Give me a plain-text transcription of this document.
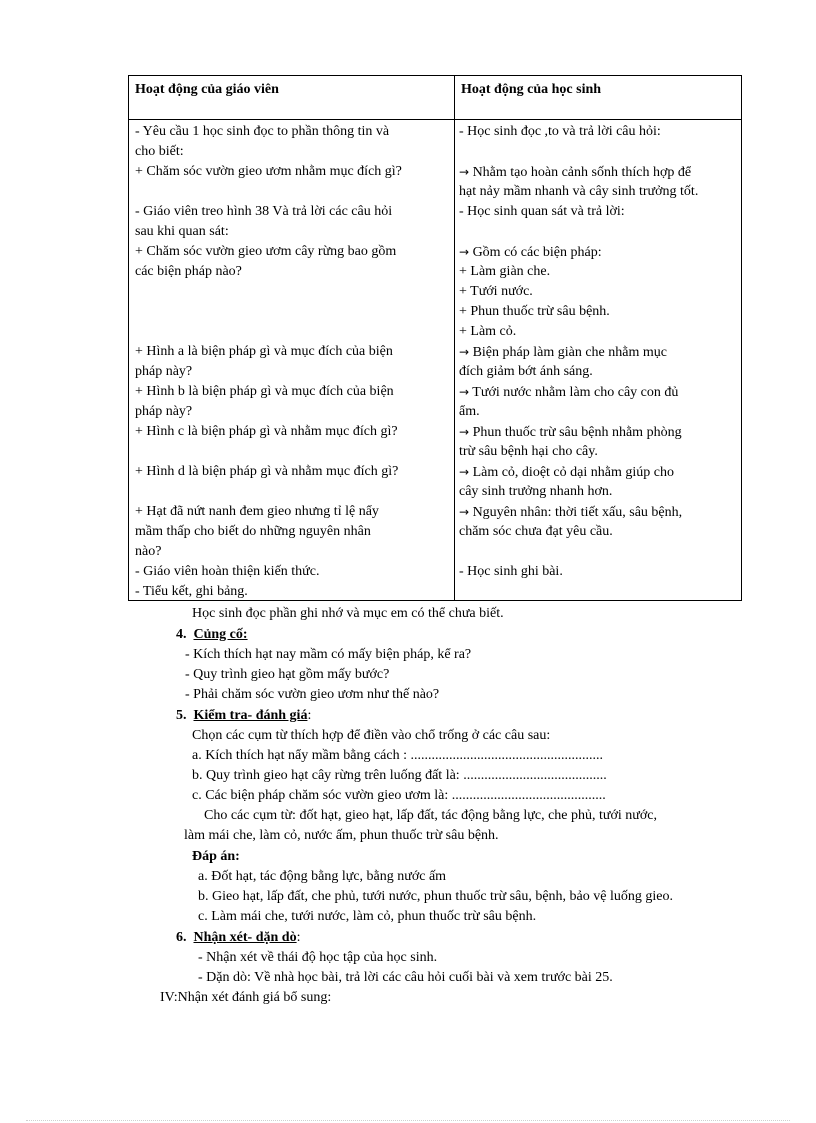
Hoạt động của giáo viên	Hoạt động của học sinh
- Yêu cầu 1 học sinh đọc to phần thông tin và
cho biết:
+ Chăm sóc vườn gieo ươm nhằm mục đích gì?
- Giáo viên treo hình 38 Và trả lời các câu hỏi
sau khi quan sát:
+ Chăm sóc vườn gieo ươm cây rừng bao gồm
các biện pháp nào?
+ Hình a là biện pháp gì và mục đích của biện
pháp này?
+ Hình b là biện pháp gì và mục đích của biện
pháp này?
+ Hình c là biện pháp gì và nhằm mục đích gì?
+ Hình d là biện pháp gì và nhằm mục đích gì?
+ Hạt đã nứt nanh đem gieo nhưng tỉ lệ nẩy
mầm thấp cho biết do những nguyên nhân
nào?
- Giáo viên hoàn thiện kiến thức.
- Tiểu kết, ghi bảng.
- Học sinh đọc ,to và trả lời câu hỏi:
→ Nhằm tạo hoàn cảnh sốnh thích hợp để
hạt nảy mầm nhanh và cây sinh trưởng tốt.
- Học sinh quan sát và trả lời:
→ Gồm có các biện pháp:
+ Làm giàn che.
+ Tưới nước.
+ Phun thuốc trừ sâu bệnh.
+ Làm cỏ.
→ Biện pháp làm giàn che nhằm mục
đích giảm bớt ánh sáng.
→ Tưới nước nhằm làm cho cây con đủ
ẩm.
→ Phun thuốc trừ sâu bệnh nhằm phòng
trừ sâu bệnh hại cho cây.
→ Làm cỏ, dioệt cỏ dại nhằm giúp cho
cây sinh trưởng nhanh hơn.
→ Nguyên nhân: thời tiết xấu, sâu bệnh,
chăm sóc chưa đạt yêu cầu.
- Học sinh ghi bài.
Học sinh đọc phần ghi nhớ và mục em có thể chưa biết.
4. Củng cố:
- Kích thích hạt nay mầm có mấy biện pháp, kể ra?
- Quy trình gieo hạt gồm mấy bước?
- Phải chăm sóc vườn gieo ươm như thế nào?
5. Kiểm tra- đánh giá:
Chọn các cụm từ thích hợp để điền vào chổ trống ở các câu sau:
a. Kích thích hạt nẩy mầm bằng cách : .......................................................
b. Quy trình gieo hạt cây rừng trên luống đất là: .........................................
c. Các biện pháp chăm sóc vườn gieo ươm là: ............................................
Cho các cụm từ: đốt hạt, gieo hạt, lấp đất, tác động bằng lực, che phủ, tưới nước,
làm mái che, làm cỏ, nước ấm, phun thuốc trừ sâu bệnh.
Đáp án:
a. Đốt hạt, tác động bằng lực, bằng nước ấm
b. Gieo hạt, lấp đất, che phủ, tưới nước, phun thuốc trừ sâu, bệnh, bảo vệ luống gieo.
c. Làm mái che, tưới nước, làm cỏ, phun thuốc trừ sâu bệnh.
6. Nhận xét- dặn dò:
- Nhận xét về thái độ học tập của học sinh.
- Dặn dò: Về nhà học bài, trả lời các câu hỏi cuối bài và xem trước bài 25.
IV:Nhận xét đánh giá bổ sung:
